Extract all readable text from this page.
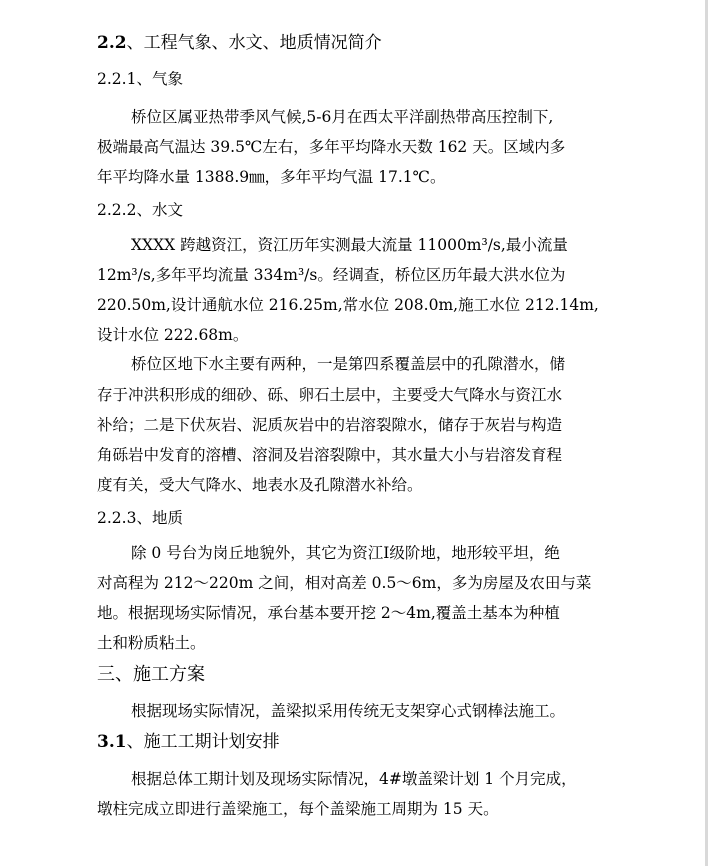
2.2、工程气象、水文、地质情况简介
2.2.1、气象
桥位区属亚热带季风气候,5-6月在西太平洋副热带高压控制下,
极端最高气温达 39.5℃左右，多年平均降水天数 162 天。区域内多
年平均降水量 1388.9㎜，多年平均气温 17.1℃。
2.2.2、水文
XXXX 跨越资江，资江历年实测最大流量 11000m³/s,最小流量
12m³/s,多年平均流量 334m³/s。经调查，桥位区历年最大洪水位为
220.50m,设计通航水位 216.25m,常水位 208.0m,施工水位 212.14m,
设计水位 222.68m。
桥位区地下水主要有两种，一是第四系覆盖层中的孔隙潜水，储
存于冲洪积形成的细砂、砾、卵石土层中，主要受大气降水与资江水
补给；二是下伏灰岩、泥质灰岩中的岩溶裂隙水，储存于灰岩与构造
角砾岩中发育的溶槽、溶洞及岩溶裂隙中，其水量大小与岩溶发育程
度有关，受大气降水、地表水及孔隙潜水补给。
2.2.3、地质
除 0 号台为岗丘地貌外，其它为资江Ⅰ级阶地，地形较平坦，绝
对高程为 212～220m 之间，相对高差 0.5～6m，多为房屋及农田与菜
地。根据现场实际情况，承台基本要开挖 2～4m,覆盖土基本为种植
土和粉质粘土。
三、施工方案
根据现场实际情况，盖梁拟采用传统无支架穿心式钢棒法施工。
3.1、施工工期计划安排
根据总体工期计划及现场实际情况，4#墩盖梁计划 1 个月完成，
墩柱完成立即进行盖梁施工，每个盖梁施工周期为 15 天。
